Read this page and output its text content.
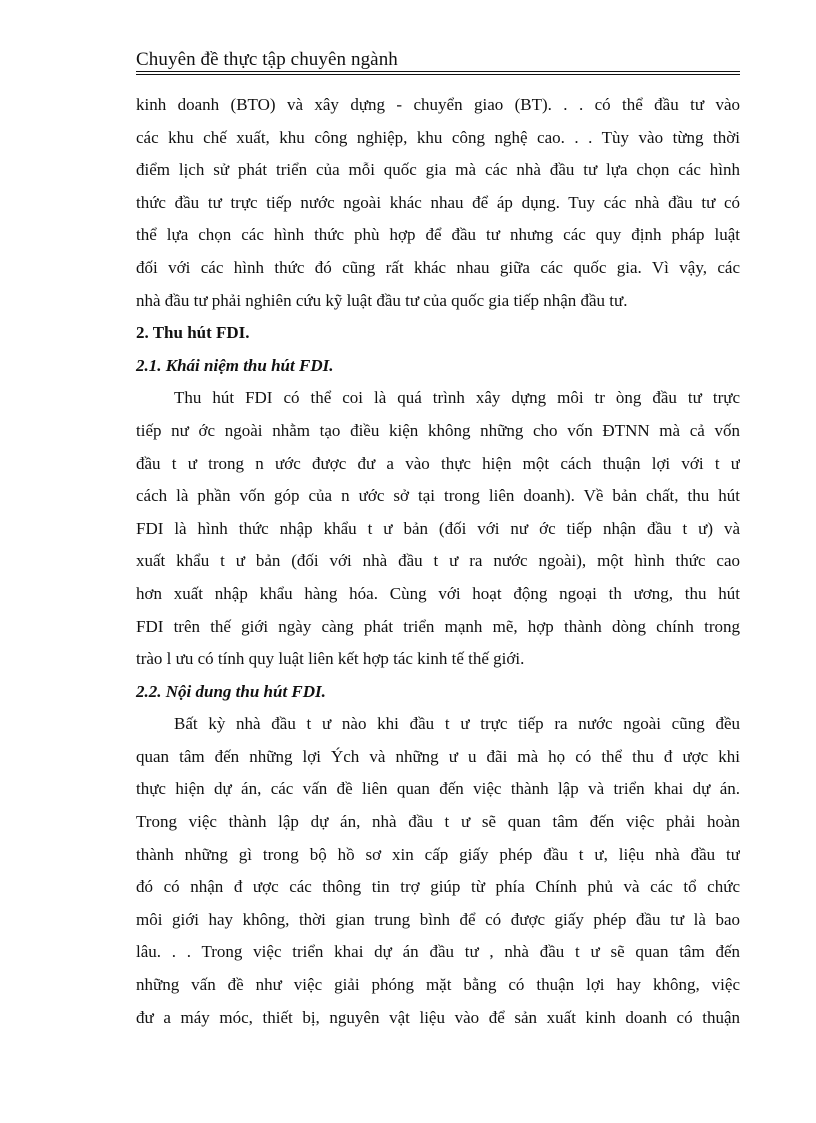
Chuyên đề thực tập chuyên ngành
kinh doanh (BTO) và xây dựng - chuyển giao (BT). . . có thể đầu tư vào
các khu chế xuất, khu công nghiệp, khu công nghệ cao. . . Tùy vào từng thời
điểm lịch sử phát triển của mỗi quốc gia mà các nhà đầu tư lựa chọn các hình
thức đầu tư trực tiếp nước ngoài khác nhau để áp dụng. Tuy các nhà đầu tư có
thể lựa chọn các hình thức phù hợp để đầu tư nhưng các quy định pháp luật
đối với các hình thức đó cũng rất khác nhau giữa các quốc gia. Vì vậy, các
nhà đầu tư phải nghiên cứu kỹ luật đầu tư của quốc gia tiếp nhận đầu tư.
2. Thu hút FDI.
2.1. Khái niệm thu hút FDI.
Thu hút FDI có thể coi là quá trình xây dựng môi tr òng đầu tư trực
tiếp nư ớc ngoài nhằm tạo điều kiện không những cho vốn ĐTNN mà cả vốn
đầu t ư trong n ước được đư a vào thực hiện một cách thuận lợi với t ư
cách là phần vốn góp của n ước sở tại trong liên doanh). Về bản chất, thu hút
FDI là hình thức nhập khẩu t ư bản (đối với nư ớc tiếp nhận đầu t ư) và
xuất khẩu t ư bản (đối với nhà đầu t ư ra nước ngoài), một hình thức cao
hơn xuất nhập khẩu hàng hóa. Cùng với hoạt động ngoại th ương, thu hút
FDI trên thế giới ngày càng phát triển mạnh mẽ, hợp thành dòng chính trong
trào l ưu có tính quy luật liên kết hợp tác kinh tế thế giới.
2.2. Nội dung thu hút FDI.
Bất kỳ nhà đầu t ư nào khi đầu t ư trực tiếp ra nước ngoài cũng đều
quan tâm đến những lợi Ých và những ư u đãi mà họ có thể thu đ ược khi
thực hiện dự án, các vấn đề liên quan đến việc thành lập và triển khai dự án.
Trong việc thành lập dự án, nhà đầu t ư sẽ quan tâm đến việc phải hoàn
thành những gì trong bộ hồ sơ xin cấp giấy phép đầu t ư, liệu nhà đầu tư
đó có nhận đ ược các thông tin trợ giúp từ phía Chính phủ và các tổ chức
môi giới hay không, thời gian trung bình để có được giấy phép đầu tư là bao
lâu. . . Trong việc triển khai dự án đầu tư , nhà đầu t ư sẽ quan tâm đến
những vấn đề như việc giải phóng mặt bằng có thuận lợi hay không, việc
đư a máy móc, thiết bị, nguyên vật liệu vào để sản xuất kinh doanh có thuận
